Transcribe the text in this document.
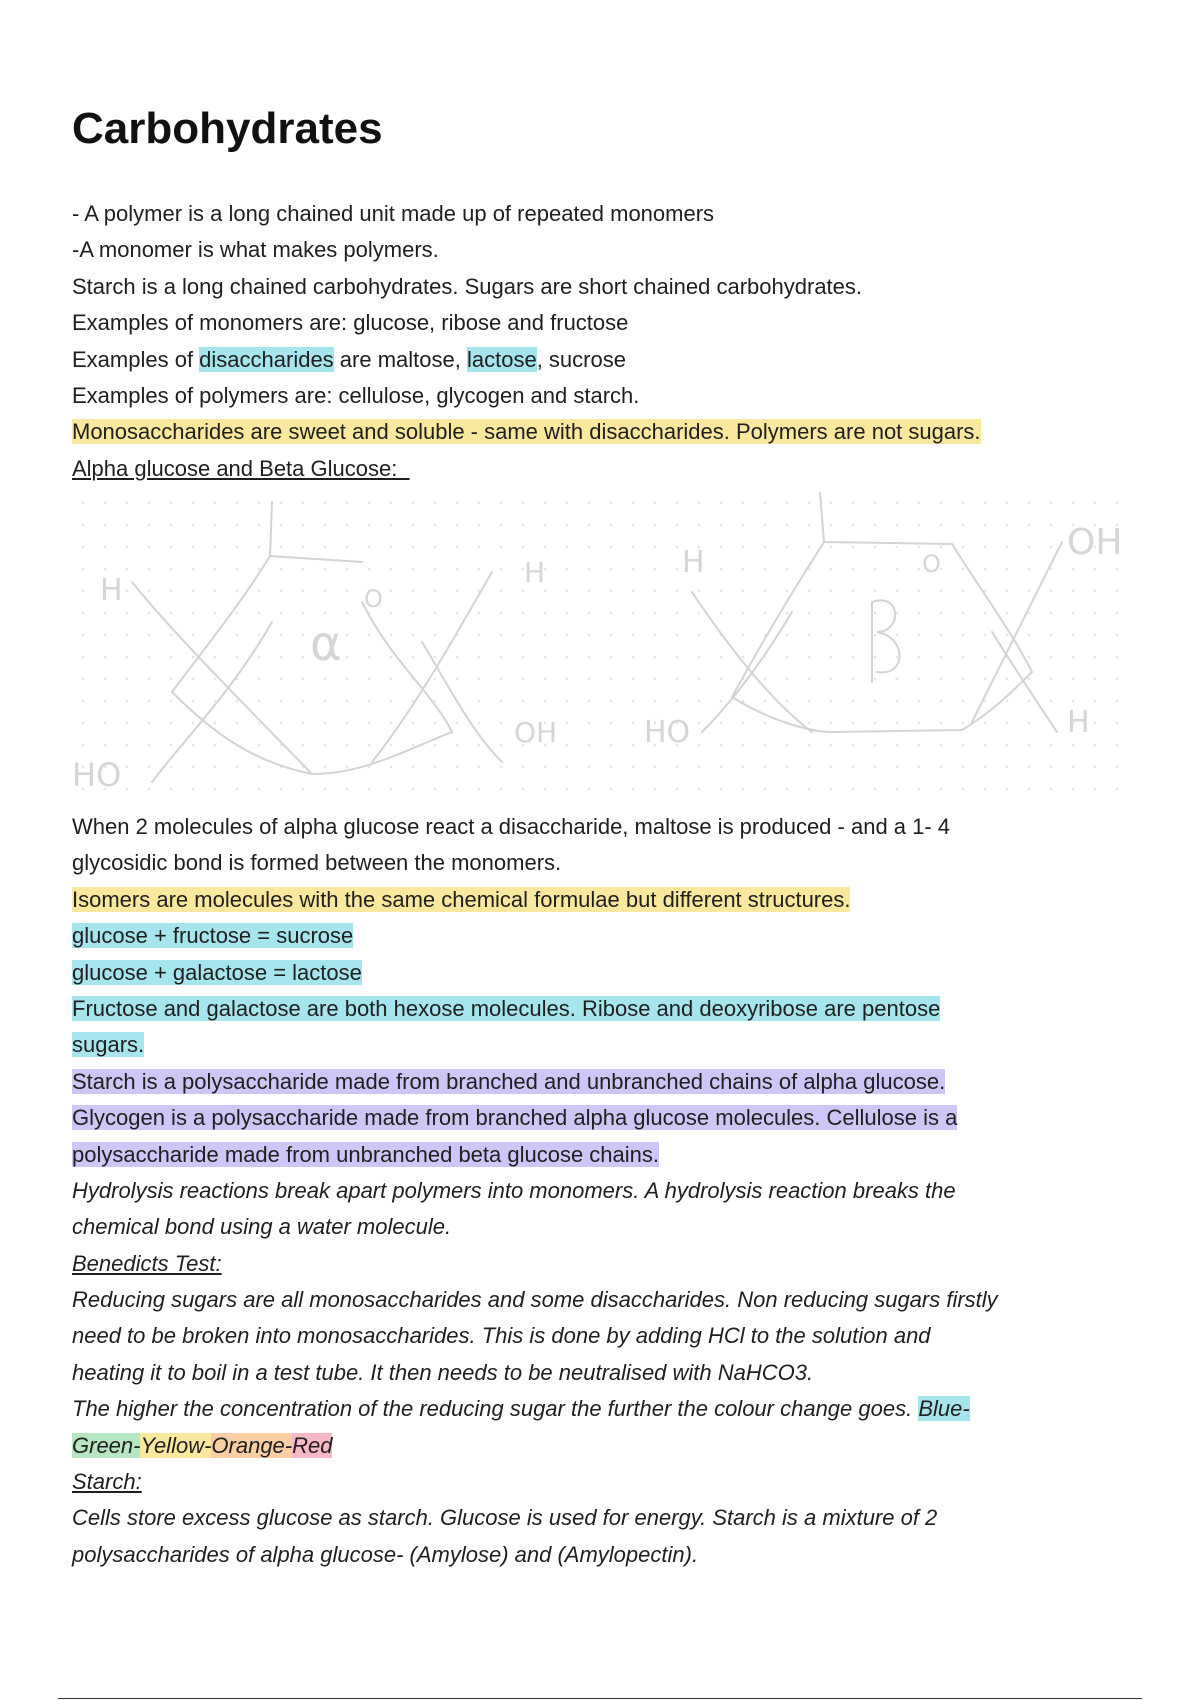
Carbohydrates
- A polymer is a long chained unit made up of repeated monomers
-A monomer is what makes polymers.
Starch is a long chained carbohydrates. Sugars are short chained carbohydrates.
Examples of monomers are: glucose, ribose and fructose
Examples of disaccharides are maltose, lactose, sucrose
Examples of polymers are: cellulose, glycogen and starch.
Monosaccharides are sweet and soluble - same with disaccharides. Polymers are not sugars.
Alpha glucose and Beta Glucose:
H	O
α
H
OH
HO
H	O
β
OH
HO	H
When 2 molecules of alpha glucose react a disaccharide, maltose is produced - and a 1- 4
glycosidic bond is formed between the monomers.
Isomers are molecules with the same chemical formulae but different structures.
glucose + fructose = sucrose
glucose + galactose = lactose
Fructose and galactose are both hexose molecules. Ribose and deoxyribose are pentose
sugars.
Starch is a polysaccharide made from branched and unbranched chains of alpha glucose.
Glycogen is a polysaccharide made from branched alpha glucose molecules. Cellulose is a
polysaccharide made from unbranched beta glucose chains.
Hydrolysis reactions break apart polymers into monomers. A hydrolysis reaction breaks the
chemical bond using a water molecule.
Benedicts Test:
Reducing sugars are all monosaccharides and some disaccharides. Non reducing sugars firstly
need to be broken into monosaccharides. This is done by adding HCl to the solution and
heating it to boil in a test tube. It then needs to be neutralised with NaHCO3.
The higher the concentration of the reducing sugar the further the colour change goes. Blue-
Green-Yellow-Orange-Red
Starch:
Cells store excess glucose as starch. Glucose is used for energy. Starch is a mixture of 2
polysaccharides of alpha glucose- (Amylose) and (Amylopectin).
